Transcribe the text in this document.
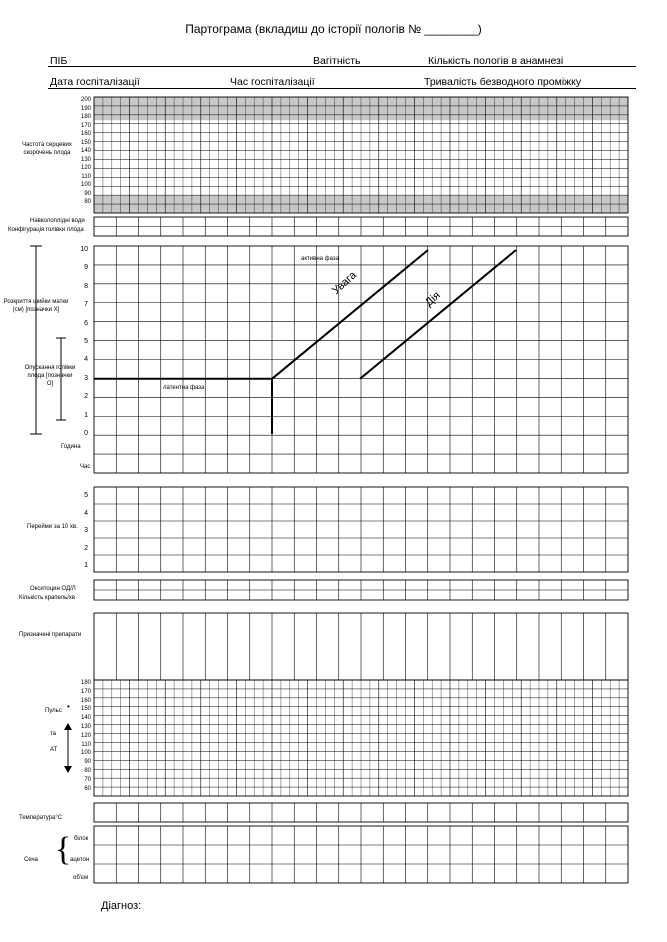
Партограма (вкладиш до історії пологів № ________)
ПІБ	Вагітність	Кількість пологів в анамнезі
Дата госпіталізації	Час госпіталізації	Тривалість безводного проміжку
Частота серцевих скорочень плода
200
190
180
170
160
150
140
130
120
110
100
90
80
Навколоплідні води
Конфігурація голівки плода
Розкриття шийки матки (см) [позначки Х]
Опускання голівки плода [позначки О]
10
9
8
7
6
5
4
3
2
1
0
активна фаза
латентна фаза
Увага
Дія
Година
Час
Перейми за 10 хв.
5
4
3
2
1
Окситоцин ОД/Л
Кількість крапель/хв
Призначені препарати
Пульс •
та
АТ
180
170
160
150
140
130
120
110
100
90
80
70
60
Температура°С
Сеча { білок
ацетон
об'єм
Діагноз:
